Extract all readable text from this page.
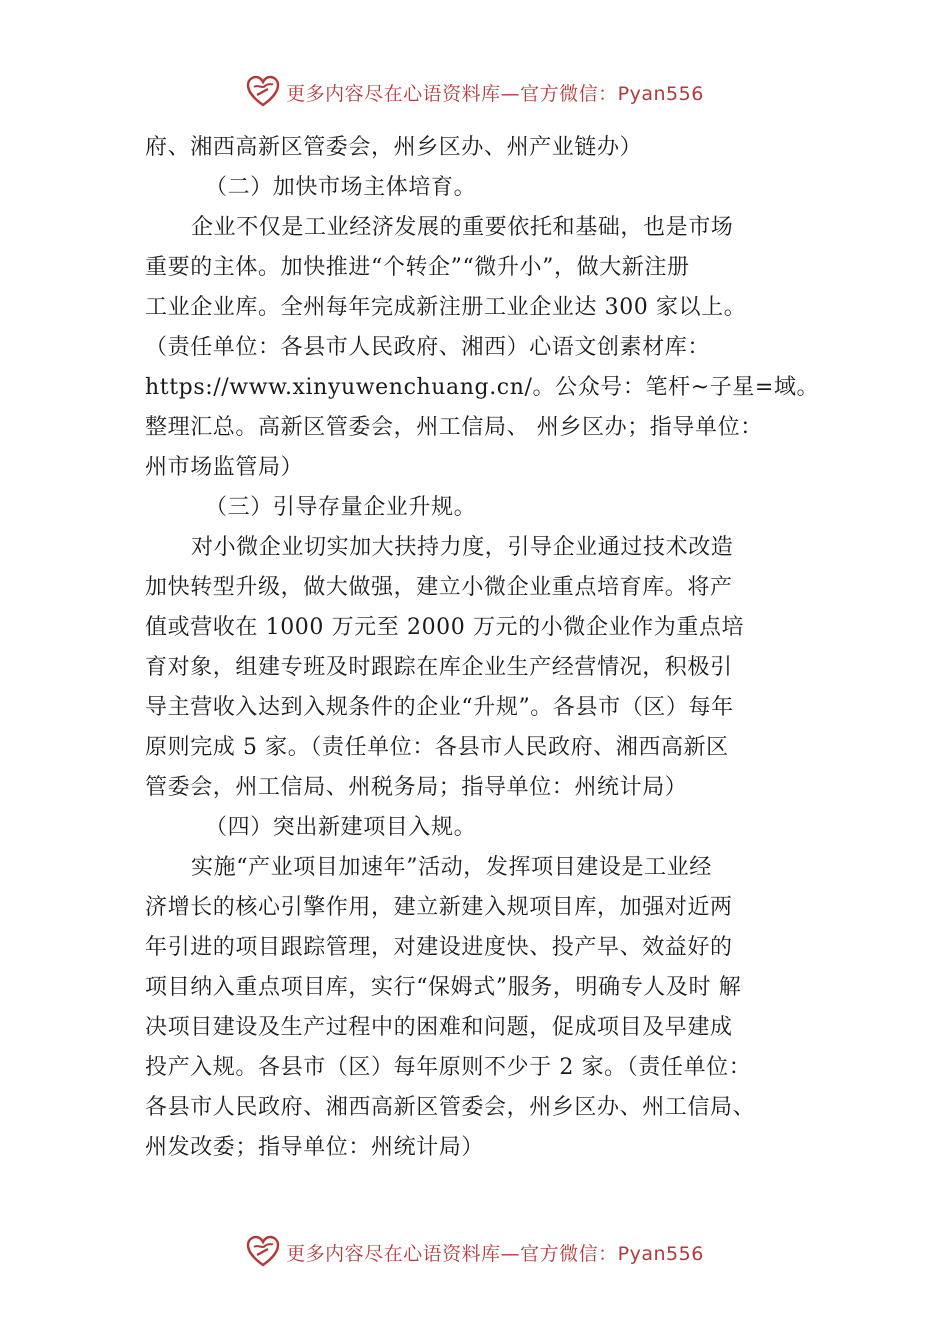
更多内容尽在心语资料库—官方微信：Pyan556
府、湘西高新区管委会，州乡区办、州产业链办）
（二）加快市场主体培育。
企业不仅是工业经济发展的重要依托和基础，也是市场
重要的主体。加快推进“个转企”“微升小”，做大新注册
工业企业库。全州每年完成新注册工业企业达 300 家以上。
（责任单位：各县市人民政府、湘西）心语文创素材库：
https://www.xinyuwenchuang.cn/。公众号：笔杆~子星=域。
整理汇总。高新区管委会，州工信局、 州乡区办；指导单位：
州市场监管局）
（三）引导存量企业升规。
对小微企业切实加大扶持力度，引导企业通过技术改造
加快转型升级，做大做强，建立小微企业重点培育库。将产
值或营收在 1000 万元至 2000 万元的小微企业作为重点培
育对象，组建专班及时跟踪在库企业生产经营情况，积极引
导主营收入达到入规条件的企业“升规”。各县市（区）每年
原则完成 5 家。（责任单位：各县市人民政府、湘西高新区
管委会，州工信局、州税务局；指导单位：州统计局）
（四）突出新建项目入规。
实施“产业项目加速年”活动，发挥项目建设是工业经
济增长的核心引擎作用，建立新建入规项目库，加强对近两
年引进的项目跟踪管理，对建设进度快、投产早、效益好的
项目纳入重点项目库，实行“保姆式”服务，明确专人及时 解
决项目建设及生产过程中的困难和问题，促成项目及早建成
投产入规。各县市（区）每年原则不少于 2 家。（责任单位：
各县市人民政府、湘西高新区管委会，州乡区办、州工信局、
州发改委；指导单位：州统计局）
更多内容尽在心语资料库—官方微信：Pyan556
